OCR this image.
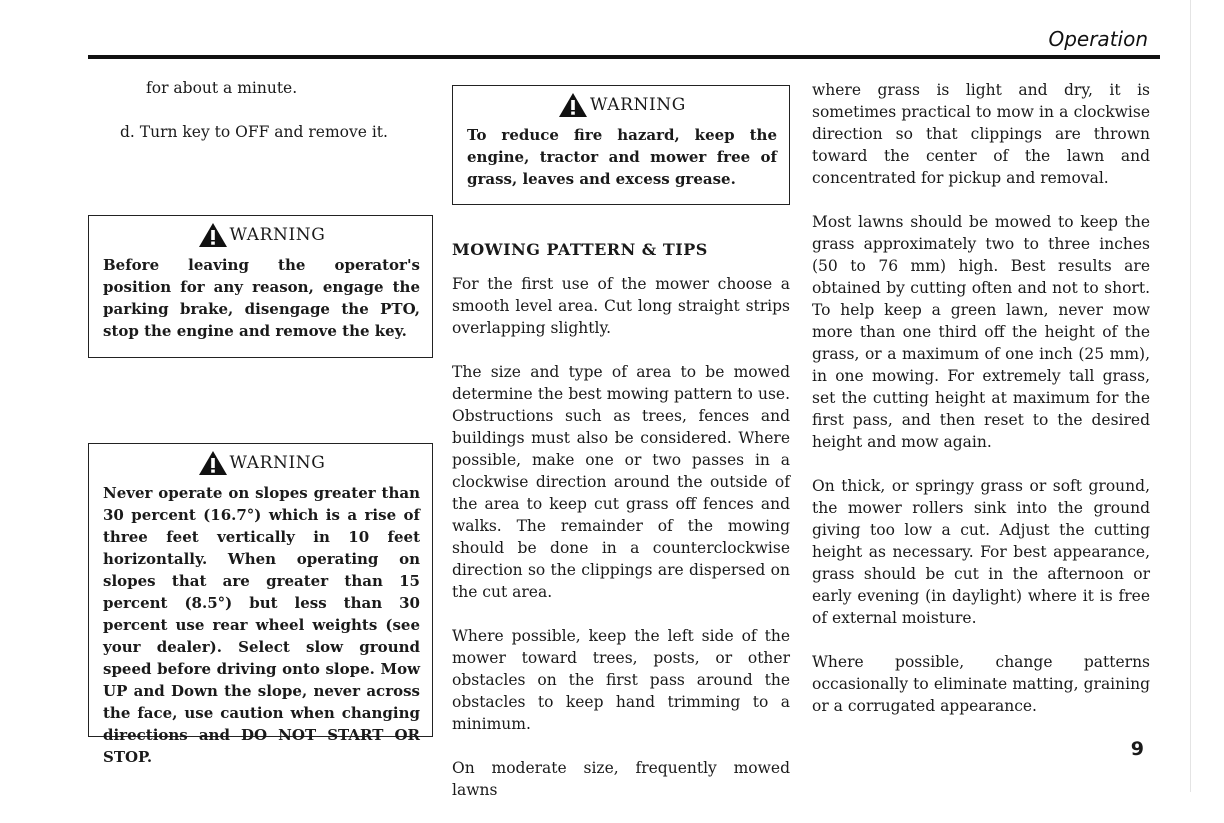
Operation

for about a minute.

d. Turn key to OFF and remove it.

WARNING

Before leaving the operator's position for any reason, engage the parking brake, disengage the PTO, stop the engine and remove the key.

WARNING

Never operate on slopes greater than 30 percent (16.7°) which is a rise of three feet vertically in 10 feet horizontally. When operating on slopes that are greater than 15 percent (8.5°) but less than 30 percent use rear wheel weights (see your dealer). Select slow ground speed before driving onto slope. Mow UP and Down the slope, never across the face, use caution when changing directions and DO NOT START OR STOP.

WARNING

To reduce fire hazard, keep the engine, tractor and mower free of grass, leaves and excess grease.

MOWING PATTERN & TIPS

For the first use of the mower choose a smooth level area. Cut long straight strips overlapping slightly.

The size and type of area to be mowed determine the best mowing pattern to use. Obstructions such as trees, fences and buildings must also be considered. Where possible, make one or two passes in a clockwise direction around the outside of the area to keep cut grass off fences and walks. The remainder of the mowing should be done in a counterclockwise direction so the clippings are dispersed on the cut area.

Where possible, keep the left side of the mower toward trees, posts, or other obstacles on the first pass around the obstacles to keep hand trimming to a minimum.

On moderate size, frequently mowed lawns

where grass is light and dry, it is sometimes practical to mow in a clockwise direction so that clippings are thrown toward the center of the lawn and concentrated for pickup and removal.

Most lawns should be mowed to keep the grass approximately two to three inches (50 to 76 mm) high. Best results are obtained by cutting often and not to short. To help keep a green lawn, never mow more than one third off the height of the grass, or a maximum of one inch (25 mm), in one mowing. For extremely tall grass, set the cutting height at maximum for the first pass, and then reset to the desired height and mow again.

On thick, or springy grass or soft ground, the mower rollers sink into the ground giving too low a cut. Adjust the cutting height as necessary. For best appearance, grass should be cut in the afternoon or early evening (in daylight) where it is free of external moisture.

Where possible, change patterns occasionally to eliminate matting, graining or a corrugated appearance.

9
